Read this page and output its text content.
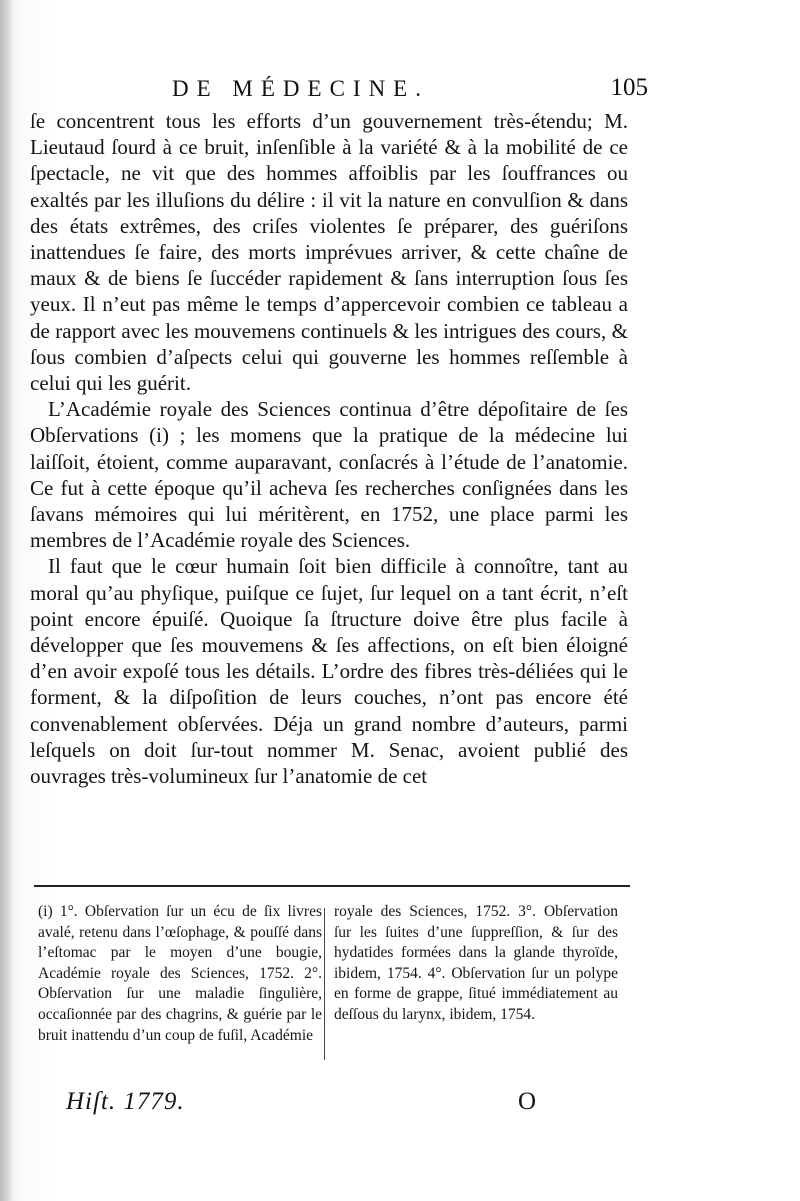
DE MÉDECINE.	105

ſe concentrent tous les efforts d’un gouvernement très-étendu; M. Lieutaud ſourd à ce bruit, inſenſible à la variété & à la mobilité de ce ſpectacle, ne vit que des hommes affoiblis par les ſouffrances ou exaltés par les illuſions du délire : il vit la nature en convulſion & dans des états extrêmes, des criſes violentes ſe préparer, des guériſons inattendues ſe faire, des morts imprévues arriver, & cette chaîne de maux & de biens ſe ſuccéder rapidement & ſans interruption ſous ſes yeux. Il n’eut pas même le temps d’appercevoir combien ce tableau a de rapport avec les mouvemens continuels & les intrigues des cours, & ſous combien d’aſpects celui qui gouverne les hommes reſſemble à celui qui les guérit.

L’Académie royale des Sciences continua d’être dépoſitaire de ſes Obſervations (i) ; les momens que la pratique de la médecine lui laiſſoit, étoient, comme auparavant, conſacrés à l’étude de l’anatomie. Ce fut à cette époque qu’il acheva ſes recherches conſignées dans les ſavans mémoires qui lui méritèrent, en 1752, une place parmi les membres de l’Académie royale des Sciences.

Il faut que le cœur humain ſoit bien difficile à connoître, tant au moral qu’au phyſique, puiſque ce ſujet, ſur lequel on a tant écrit, n’eſt point encore épuiſé. Quoique ſa ſtructure doive être plus facile à développer que ſes mouvemens & ſes affections, on eſt bien éloigné d’en avoir expoſé tous les détails. L’ordre des fibres très-déliées qui le forment, & la diſpoſition de leurs couches, n’ont pas encore été convenablement obſervées. Déja un grand nombre d’auteurs, parmi leſquels on doit ſur-tout nommer M. Senac, avoient publié des ouvrages très-volumineux ſur l’anatomie de cet

(i) 1°. Obſervation ſur un écu de ſix livres avalé, retenu dans l’œſophage, & pouſſé dans l’eſtomac par le moyen d’une bougie, Académie royale des Sciences, 1752. 2°. Obſervation ſur une maladie ſingulière, occaſionnée par des chagrins, & guérie par le bruit inattendu d’un coup de fuſil, Académie
royale des Sciences, 1752. 3°. Obſervation ſur les ſuites d’une ſuppreſſion, & ſur des hydatides formées dans la glande thyroïde, ibidem, 1754. 4°. Obſervation ſur un polype en forme de grappe, ſitué immédiatement au deſſous du larynx, ibidem, 1754.
Hiſt. 1779.	O
